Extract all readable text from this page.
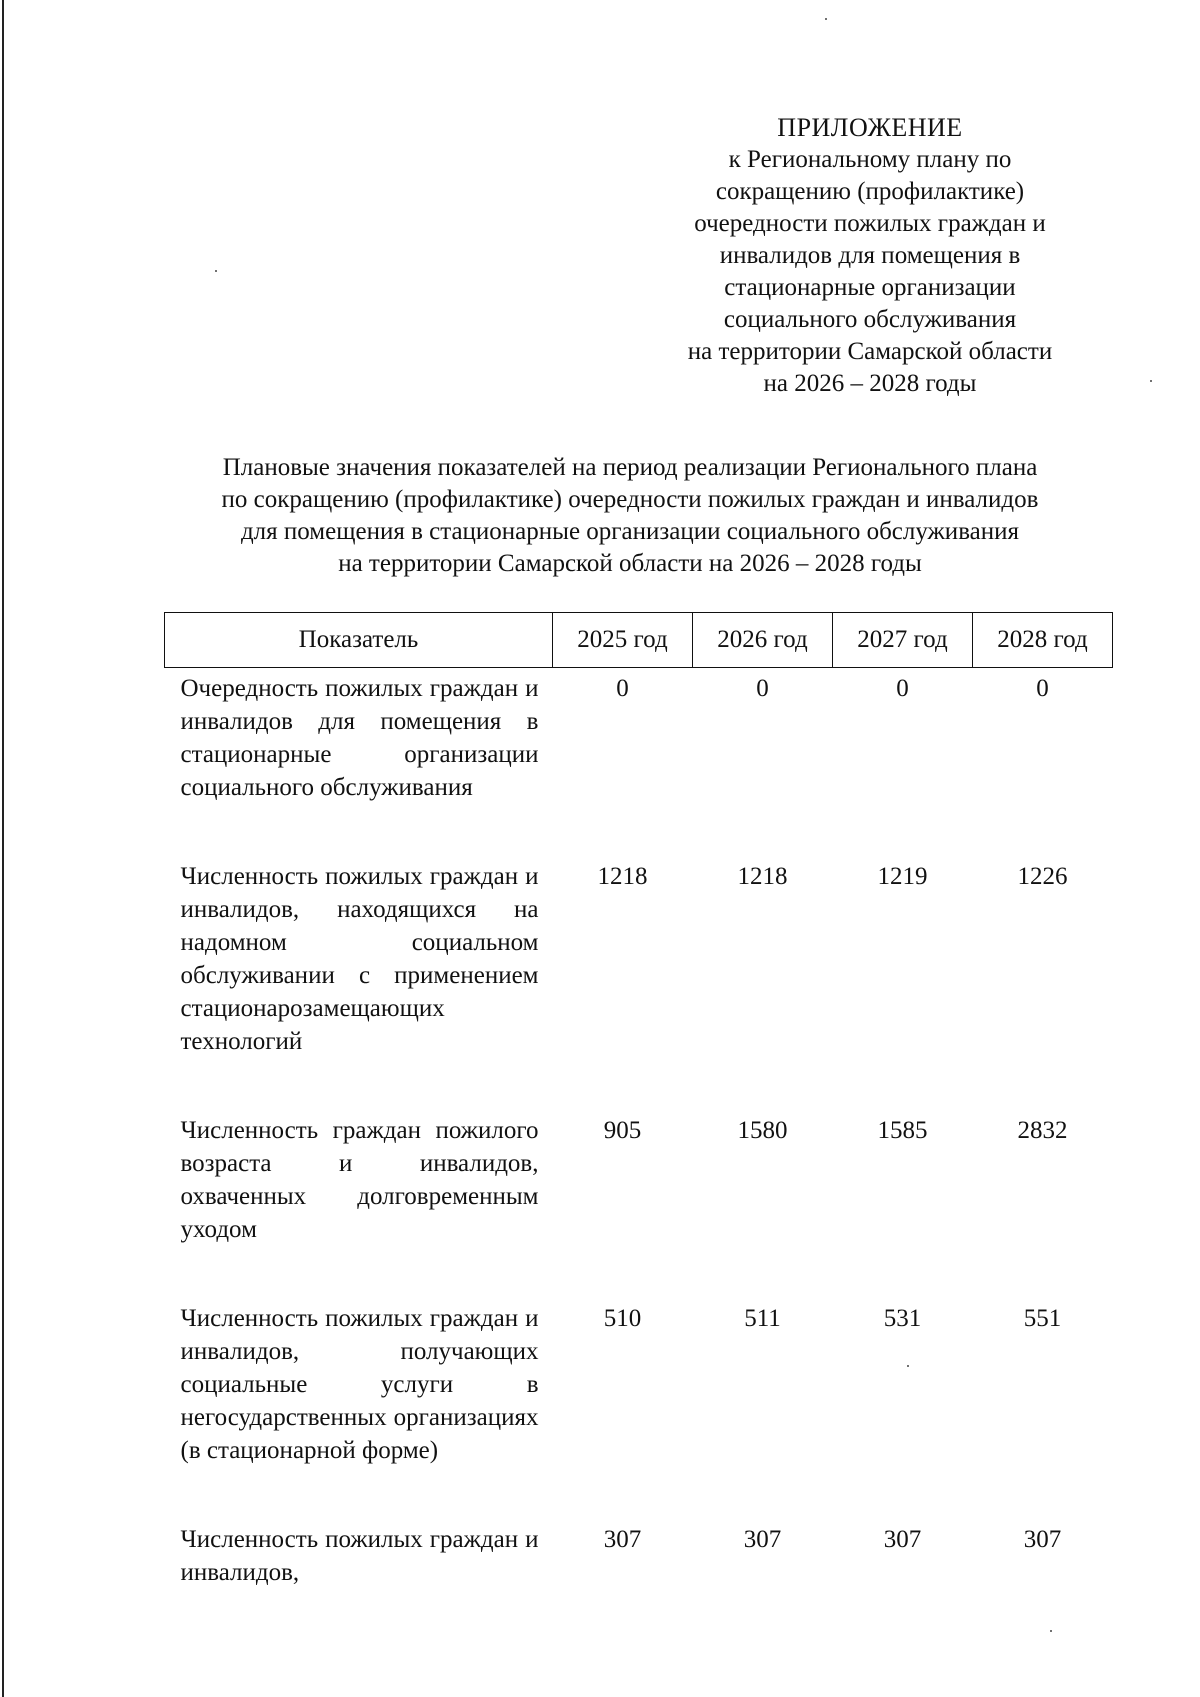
ПРИЛОЖЕНИЕ
к Региональному плану по
сокращению (профилактике)
очередности пожилых граждан и
инвалидов для помещения в
стационарные организации
социального обслуживания
на территории Самарской области
на 2026 – 2028 годы
Плановые значения показателей на период реализации Регионального плана
по сокращению (профилактике) очередности пожилых граждан и инвалидов
для помещения в стационарные организации социального обслуживания
на территории Самарской области на 2026 – 2028 годы
Показатель	2025 год	2026 год	2027 год	2028 год
Очередность пожилых граждан и инвалидов для помещения в стационарные организации социального обслуживания	0	0	0	0
Численность пожилых граждан и инвалидов, находящихся на надомном социальном обслуживании с применением стационарозамещающих технологий	1218	1218	1219	1226
Численность граждан пожилого возраста и инвалидов, охваченных долговременным уходом	905	1580	1585	2832
Численность пожилых граждан и инвалидов, получающих социальные услуги в негосударственных организациях (в стационарной форме)	510	511	531	551
Численность пожилых граждан и инвалидов,	307	307	307	307
